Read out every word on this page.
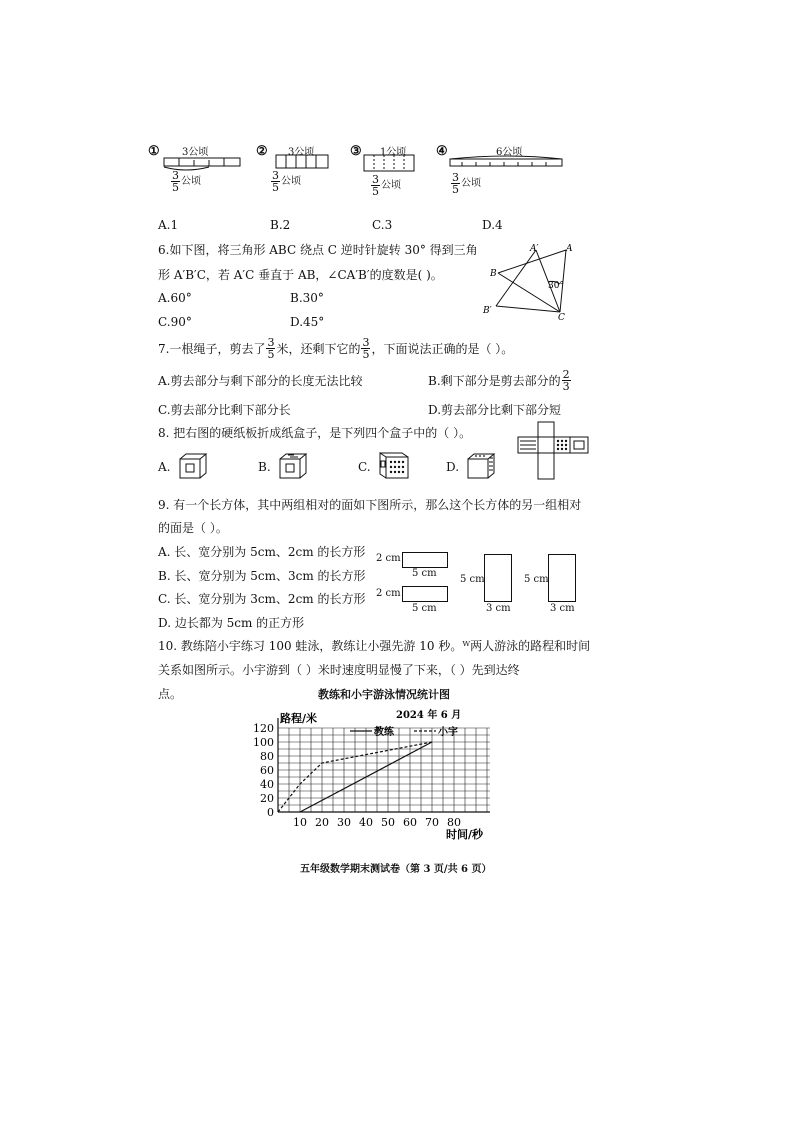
① 3公顷
$\frac{3}{5}$ 公顷
② 3公顷
$\frac{3}{5}$ 公顷
③ 1公顷
$\frac{3}{5}$ 公顷
④	6公顷
$\frac{3}{5}$ 公顷
A.1	B.2	C.3	D.4
6.如下图，将三角形 ABC 绕点 C 逆时针旋转 30° 得到三角
形 A′B′C，若 A′C 垂直于 AB，∠CA′B′的度数是( )。
A.60°	B.30°
C.90°	D.45°
A′	A
B
B′
C
30°
7.一根绳子，剪去了 $\frac{3}{5}$ 米，还剩下它的 $\frac{3}{5}$ ，下面说法正确的是（ ）。
A.剪去部分与剩下部分的长度无法比较	B.剩下部分是剪去部分的 $\frac{2}{3}$
C.剪去部分比剩下部分长	D.剪去部分比剩下部分短
8. 把右图的硬纸板折成纸盒子，是下列四个盒子中的（ ）。
A.	B.	C.	D.
9. 有一个长方体，其中两组相对的面如下图所示，那么这个长方体的另一组相对
的面是（ ）。
A. 长、宽分别为 5cm、2cm 的长方形
B. 长、宽分别为 5cm、3cm 的长方形
C. 长、宽分别为 3cm、2cm 的长方形
D. 边长都为 5cm 的正方形
2 cm
5 cm
2 cm
5 cm
5 cm
3 cm
5 cm
3 cm
10. 教练陪小宇练习 100 蛙泳，教练让小强先游 10 秒。ᵂ两人游泳的路程和时间
关系如图所示。小宇游到（ ）米时速度明显慢了下来，（ ）先到达终
点。	教练和小宇游泳情况统计图
0
20
40
60
80
100
120
10 20 30 40 50 60 70 80
路程/米
时间/秒
2024 年 6 月
教练	小宇
五年级数学期末测试卷（第 3 页/共 6 页）
